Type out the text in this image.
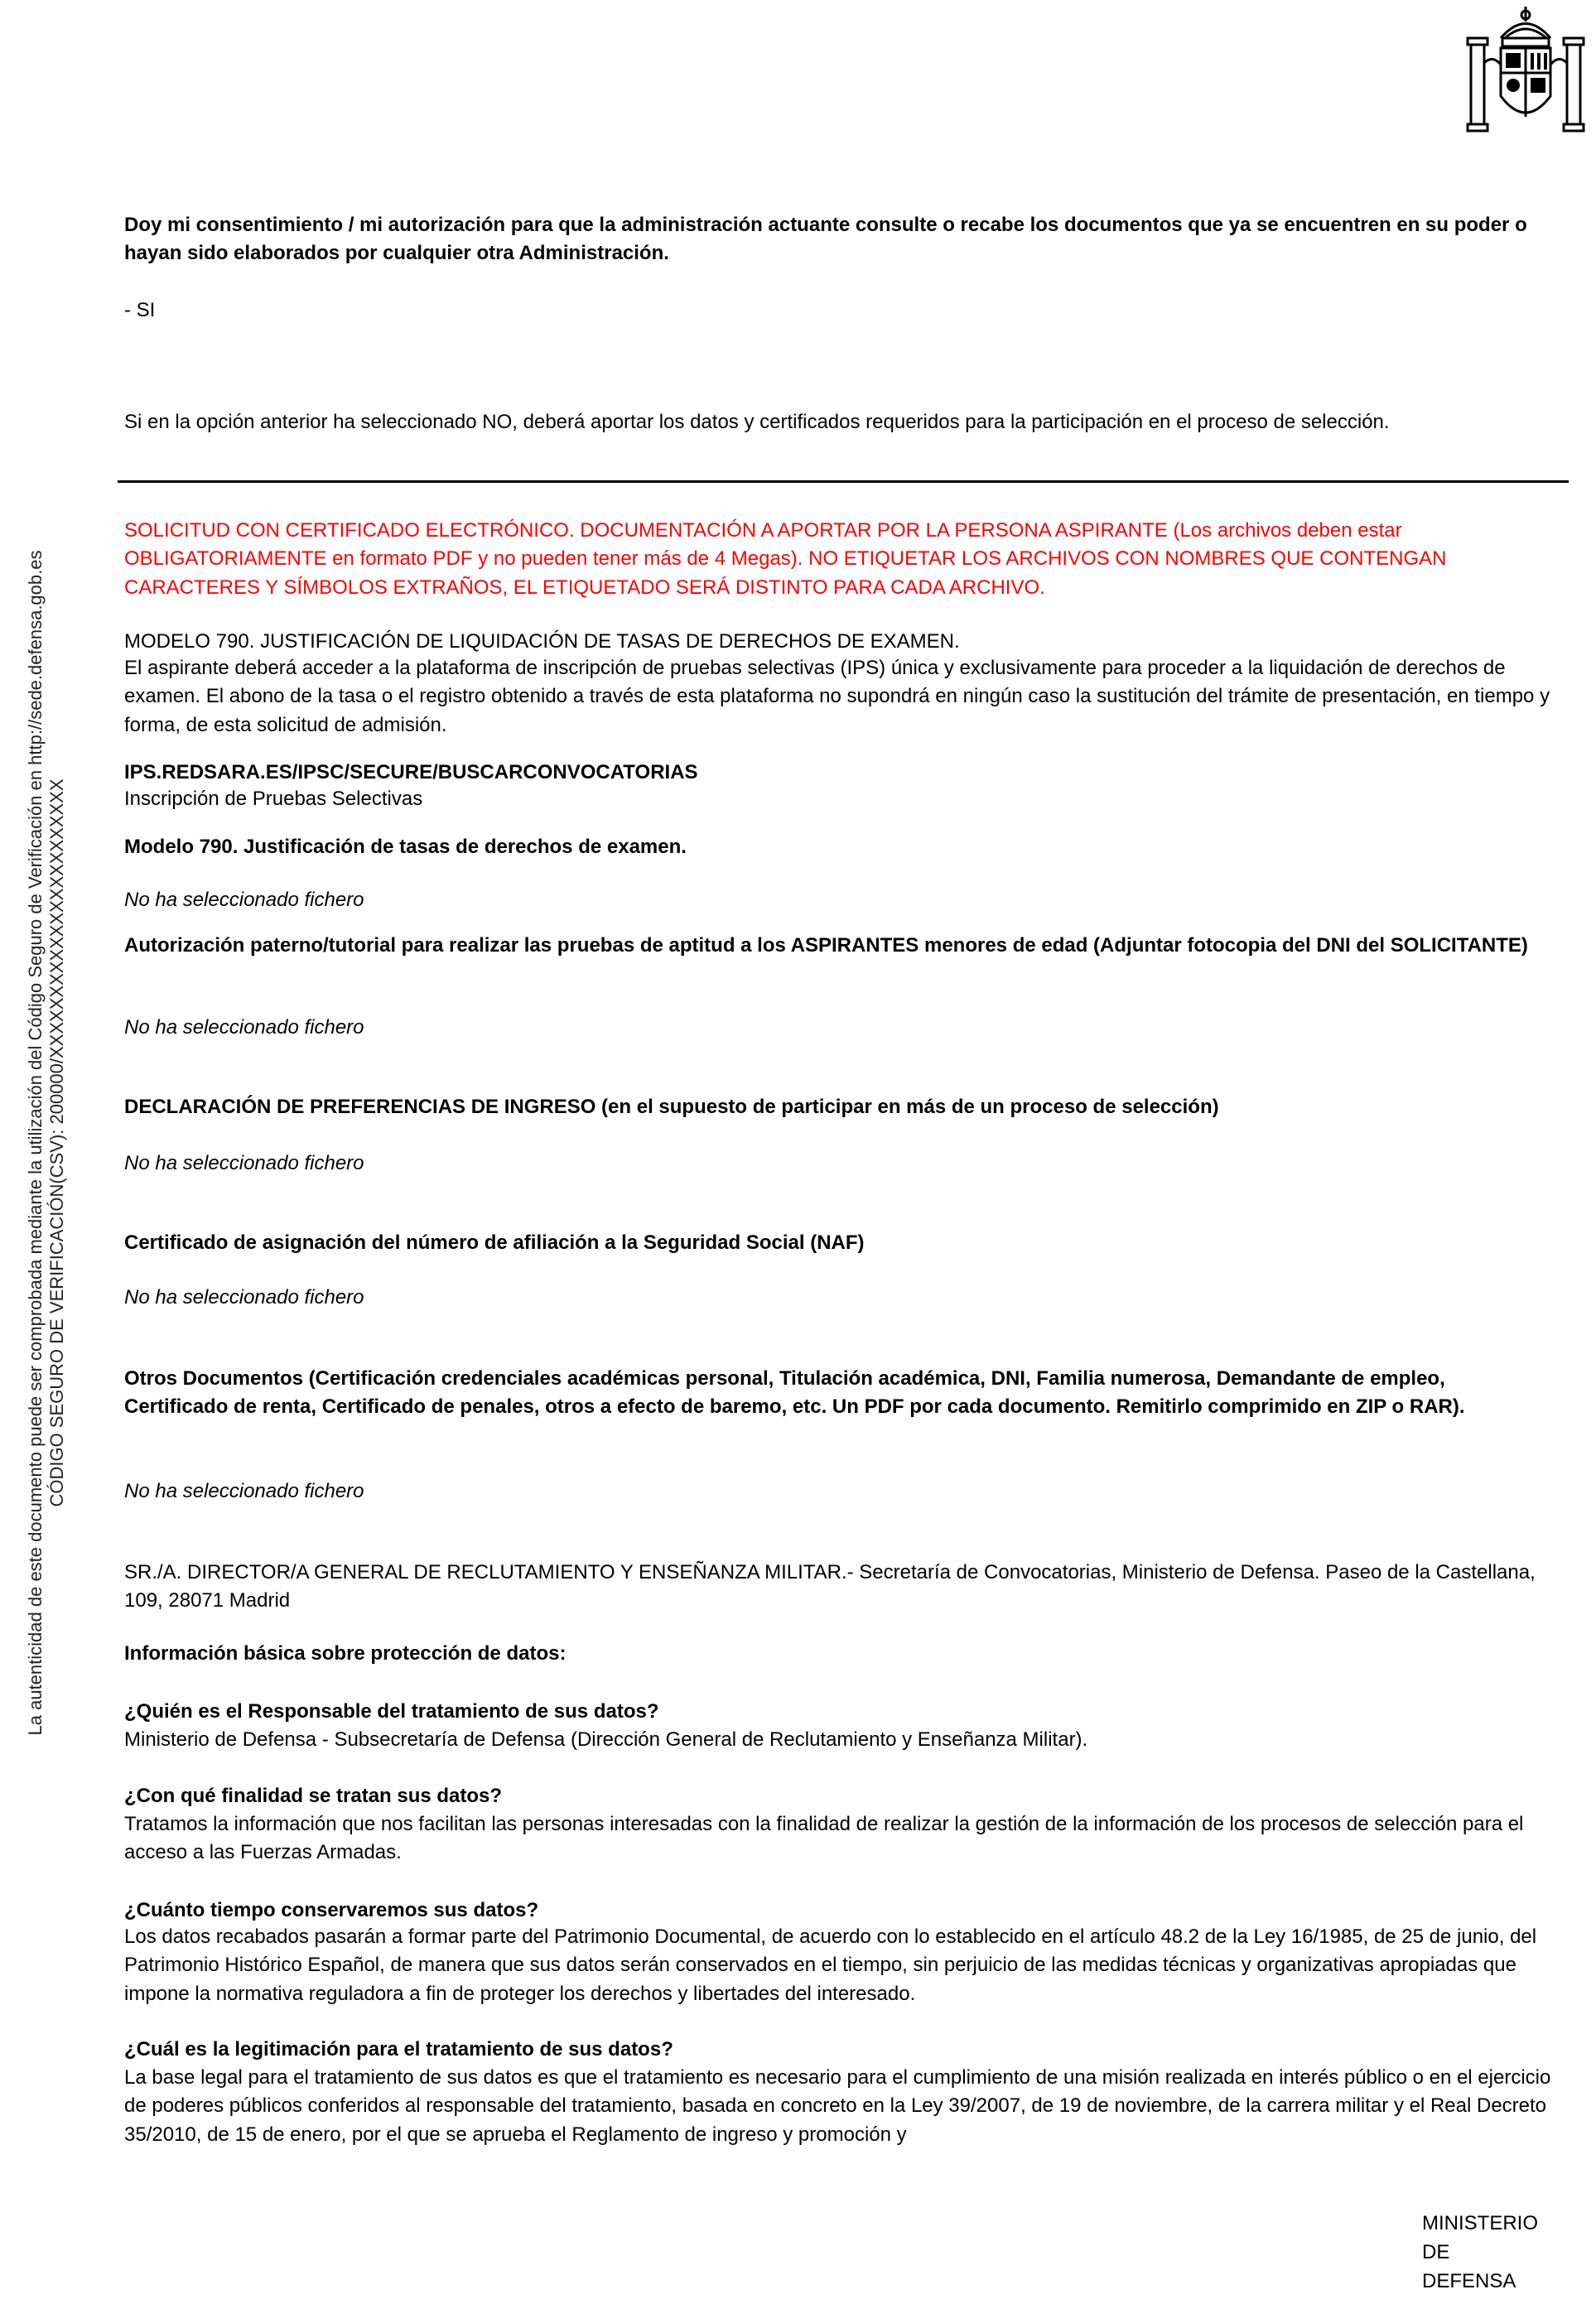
La autenticidad de este documento puede ser comprobada mediante la utilización del Código Seguro de Verificación en http://sede.defensa.gob.es CÓDIGO SEGURO DE VERIFICACIÓN(CSV): 200000/XXXXXXXXXXXXXXXXXXXXXXX

Doy mi consentimiento / mi autorización para que la administración actuante consulte o recabe los documentos que ya se encuentren en su poder o hayan sido elaborados por cualquier otra Administración.

- SI

Si en la opción anterior ha seleccionado NO, deberá aportar los datos y certificados requeridos para la participación en el proceso de selección.

SOLICITUD CON CERTIFICADO ELECTRÓNICO. DOCUMENTACIÓN A APORTAR POR LA PERSONA ASPIRANTE (Los archivos deben estar OBLIGATORIAMENTE en formato PDF y no pueden tener más de 4 Megas). NO ETIQUETAR LOS ARCHIVOS CON NOMBRES QUE CONTENGAN CARACTERES Y SÍMBOLOS EXTRAÑOS, EL ETIQUETADO SERÁ DISTINTO PARA CADA ARCHIVO.

MODELO 790. JUSTIFICACIÓN DE LIQUIDACIÓN DE TASAS DE DERECHOS DE EXAMEN.

El aspirante deberá acceder a la plataforma de inscripción de pruebas selectivas (IPS) única y exclusivamente para proceder a la liquidación de derechos de examen. El abono de la tasa o el registro obtenido a través de esta plataforma no supondrá en ningún caso la sustitución del trámite de presentación, en tiempo y forma, de esta solicitud de admisión.

IPS.REDSARA.ES/IPSC/SECURE/BUSCARCONVOCATORIAS

Inscripción de Pruebas Selectivas

Modelo 790. Justificación de tasas de derechos de examen.

No ha seleccionado fichero

Autorización paterno/tutorial para realizar las pruebas de aptitud a los ASPIRANTES menores de edad (Adjuntar fotocopia del DNI del SOLICITANTE)

No ha seleccionado fichero

DECLARACIÓN DE PREFERENCIAS DE INGRESO (en el supuesto de participar en más de un proceso de selección)

No ha seleccionado fichero

Certificado de asignación del número de afiliación a la Seguridad Social (NAF)

No ha seleccionado fichero

Otros Documentos (Certificación credenciales académicas personal, Titulación académica, DNI, Familia numerosa, Demandante de empleo, Certificado de renta, Certificado de penales, otros a efecto de baremo, etc. Un PDF por cada documento. Remitirlo comprimido en ZIP o RAR).

No ha seleccionado fichero

SR./A. DIRECTOR/A GENERAL DE RECLUTAMIENTO Y ENSEÑANZA MILITAR.- Secretaría de Convocatorias, Ministerio de Defensa. Paseo de la Castellana, 109, 28071 Madrid

Información básica sobre protección de datos:

¿Quién es el Responsable del tratamiento de sus datos?

Ministerio de Defensa - Subsecretaría de Defensa (Dirección General de Reclutamiento y Enseñanza Militar).

¿Con qué finalidad se tratan sus datos?

Tratamos la información que nos facilitan las personas interesadas con la finalidad de realizar la gestión de la información de los procesos de selección para el acceso a las Fuerzas Armadas.

¿Cuánto tiempo conservaremos sus datos?

Los datos recabados pasarán a formar parte del Patrimonio Documental, de acuerdo con lo establecido en el artículo 48.2 de la Ley 16/1985, de 25 de junio, del Patrimonio Histórico Español, de manera que sus datos serán conservados en el tiempo, sin perjuicio de las medidas técnicas y organizativas apropiadas que impone la normativa reguladora a fin de proteger los derechos y libertades del interesado.

¿Cuál es la legitimación para el tratamiento de sus datos?

La base legal para el tratamiento de sus datos es que el tratamiento es necesario para el cumplimiento de una misión realizada en interés público o en el ejercicio de poderes públicos conferidos al responsable del tratamiento, basada en concreto en la Ley 39/2007, de 19 de noviembre, de la carrera militar y el Real Decreto 35/2010, de 15 de enero, por el que se aprueba el Reglamento de ingreso y promoción y

MINISTERIO
DE
DEFENSA
